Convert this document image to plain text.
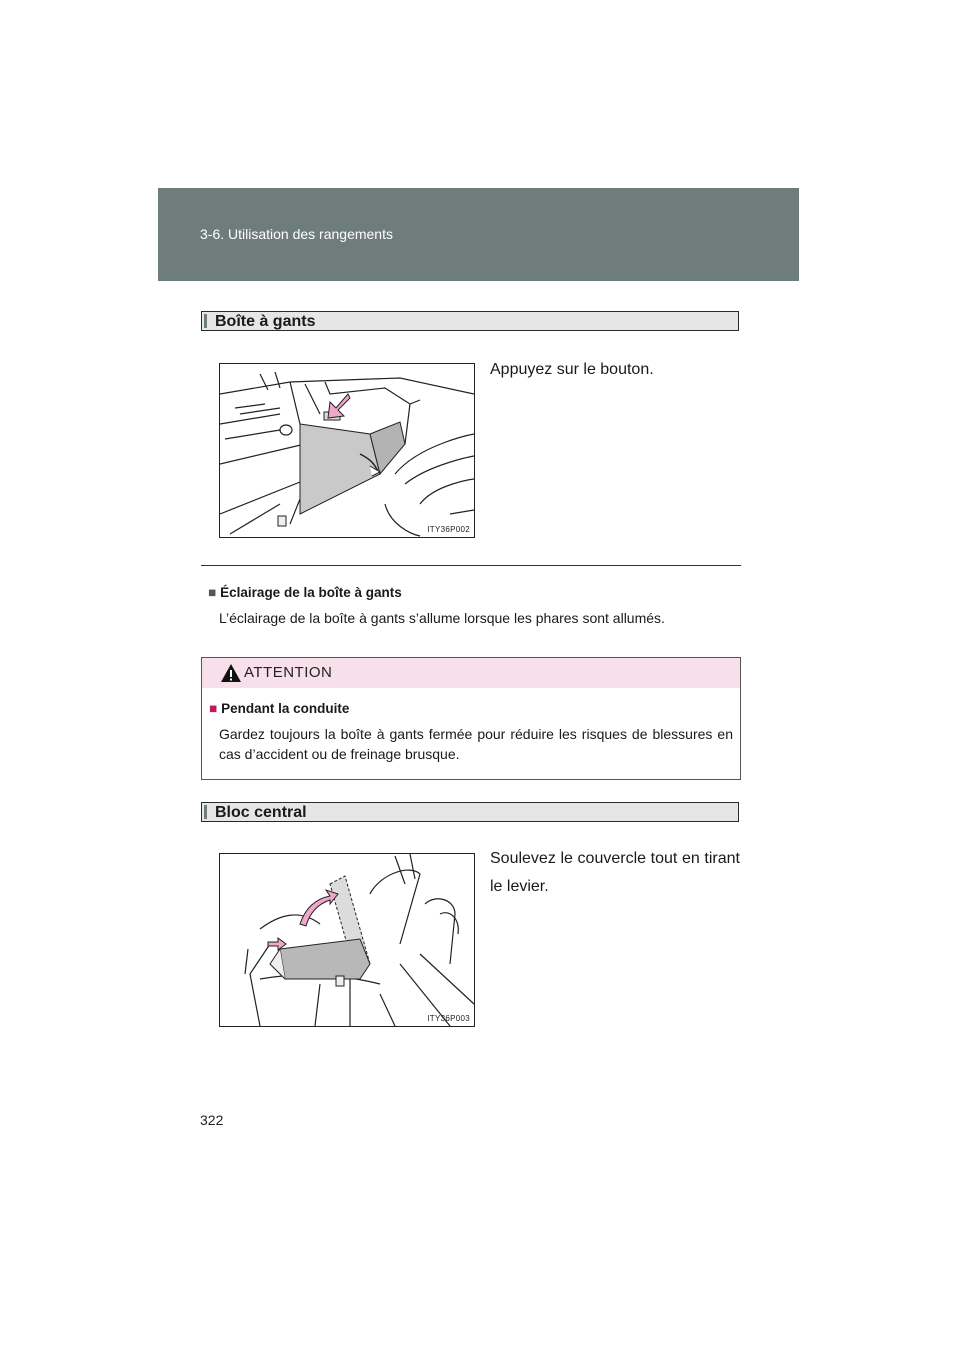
3-6. Utilisation des rangements
Boîte à gants
ITY36P002
Appuyez sur le bouton.
■ Éclairage de la boîte à gants
L’éclairage de la boîte à gants s’allume lorsque les phares sont allumés.
ATTENTION
■ Pendant la conduite
Gardez toujours la boîte à gants fermée pour réduire les risques de blessures en cas d’accident ou de freinage brusque.
Bloc central
ITY36P003
Soulevez le couvercle tout en tirant le levier.
322
